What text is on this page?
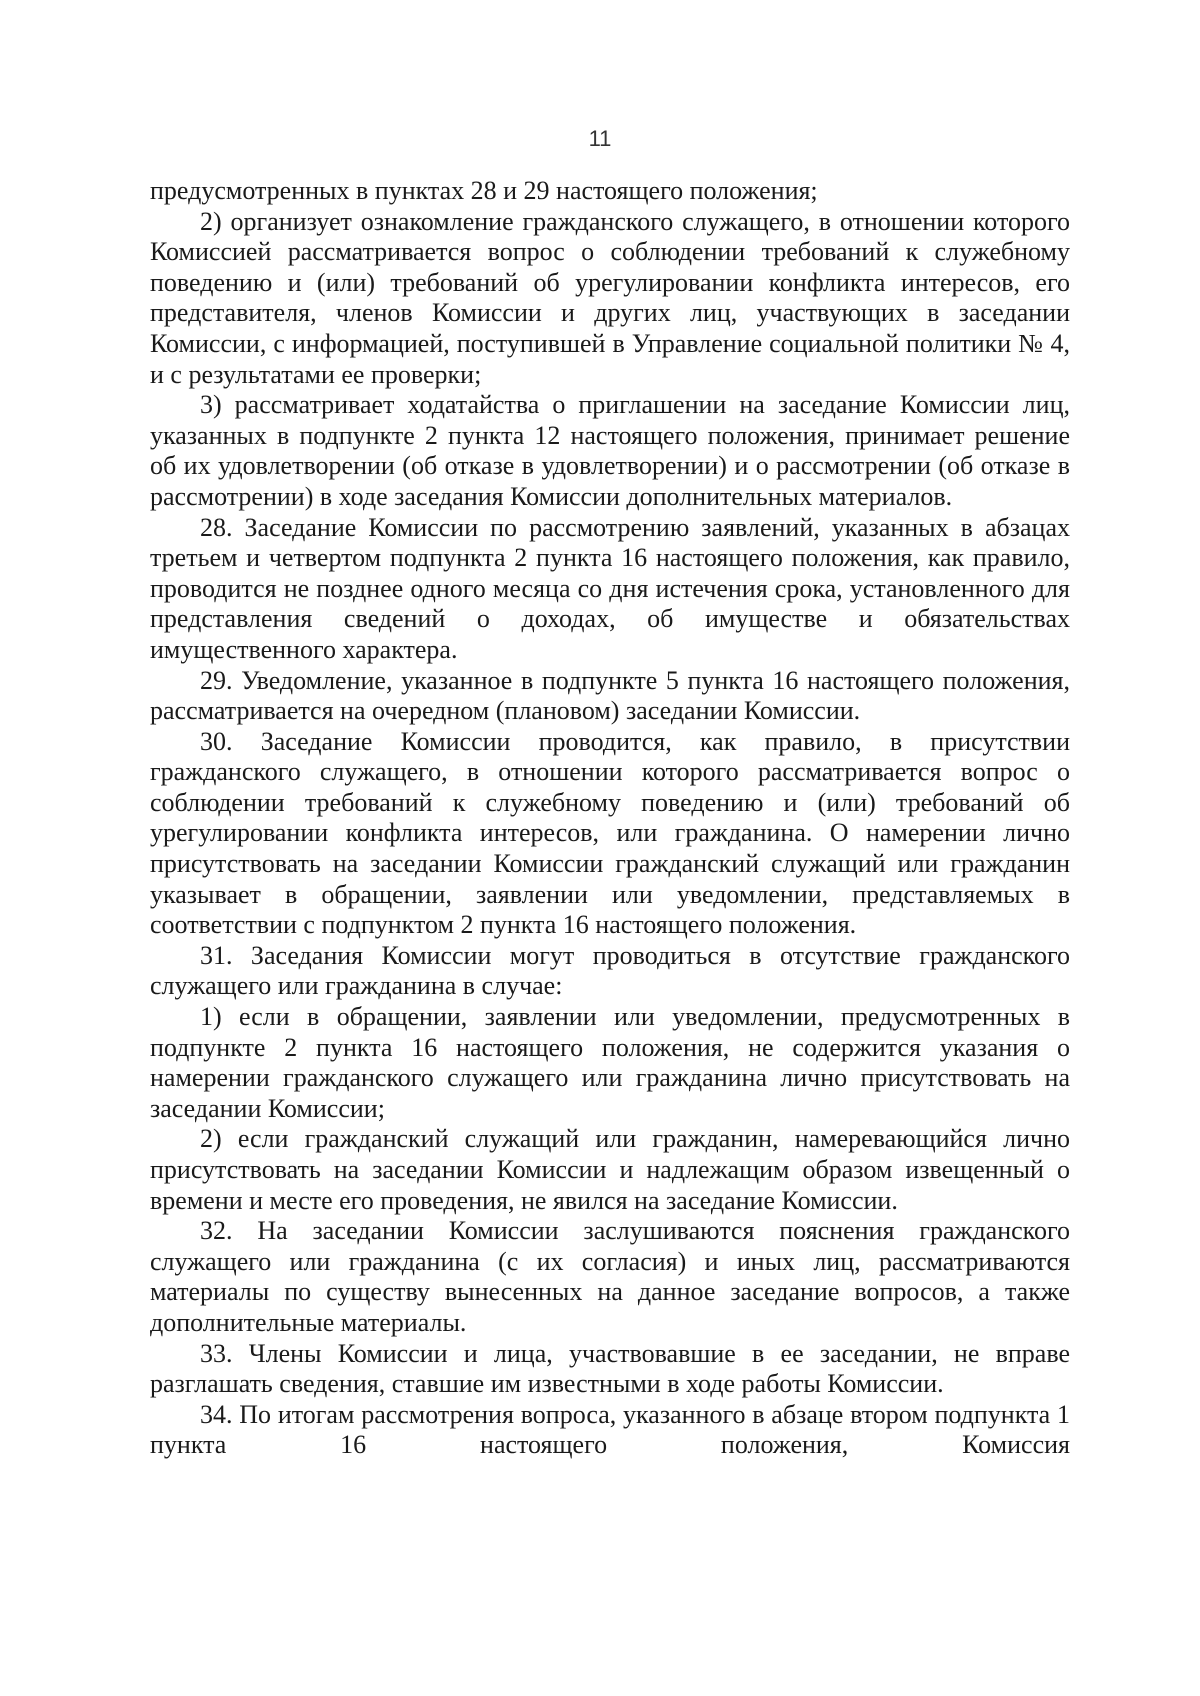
11

предусмотренных в пунктах 28 и 29 настоящего положения;

2) организует ознакомление гражданского служащего, в отношении которого Комиссией рассматривается вопрос о соблюдении требований к служебному поведению и (или) требований об урегулировании конфликта интересов, его представителя, членов Комиссии и других лиц, участвующих в заседании Комиссии, с информацией, поступившей в Управление социальной политики № 4, и с результатами ее проверки;

3) рассматривает ходатайства о приглашении на заседание Комиссии лиц, указанных в подпункте 2 пункта 12 настоящего положения, принимает решение об их удовлетворении (об отказе в удовлетворении) и о рассмотрении (об отказе в рассмотрении) в ходе заседания Комиссии дополнительных материалов.

28. Заседание Комиссии по рассмотрению заявлений, указанных в абзацах третьем и четвертом подпункта 2 пункта 16 настоящего положения, как правило, проводится не позднее одного месяца со дня истечения срока, установленного для представления сведений о доходах, об имуществе и обязательствах имущественного характера.

29. Уведомление, указанное в подпункте 5 пункта 16 настоящего положения, рассматривается на очередном (плановом) заседании Комиссии.

30. Заседание Комиссии проводится, как правило, в присутствии гражданского служащего, в отношении которого рассматривается вопрос о соблюдении требований к служебному поведению и (или) требований об урегулировании конфликта интересов, или гражданина. О намерении лично присутствовать на заседании Комиссии гражданский служащий или гражданин указывает в обращении, заявлении или уведомлении, представляемых в соответствии с подпунктом 2 пункта 16 настоящего положения.

31. Заседания Комиссии могут проводиться в отсутствие гражданского служащего или гражданина в случае:

1) если в обращении, заявлении или уведомлении, предусмотренных в подпункте 2 пункта 16 настоящего положения, не содержится указания о намерении гражданского служащего или гражданина лично присутствовать на заседании Комиссии;

2) если гражданский служащий или гражданин, намеревающийся лично присутствовать на заседании Комиссии и надлежащим образом извещенный о времени и месте его проведения, не явился на заседание Комиссии.

32. На заседании Комиссии заслушиваются пояснения гражданского служащего или гражданина (с их согласия) и иных лиц, рассматриваются материалы по существу вынесенных на данное заседание вопросов, а также дополнительные материалы.

33. Члены Комиссии и лица, участвовавшие в ее заседании, не вправе разглашать сведения, ставшие им известными в ходе работы Комиссии.

34. По итогам рассмотрения вопроса, указанного в абзаце втором подпункта 1 пункта 16 настоящего положения, Комиссия
